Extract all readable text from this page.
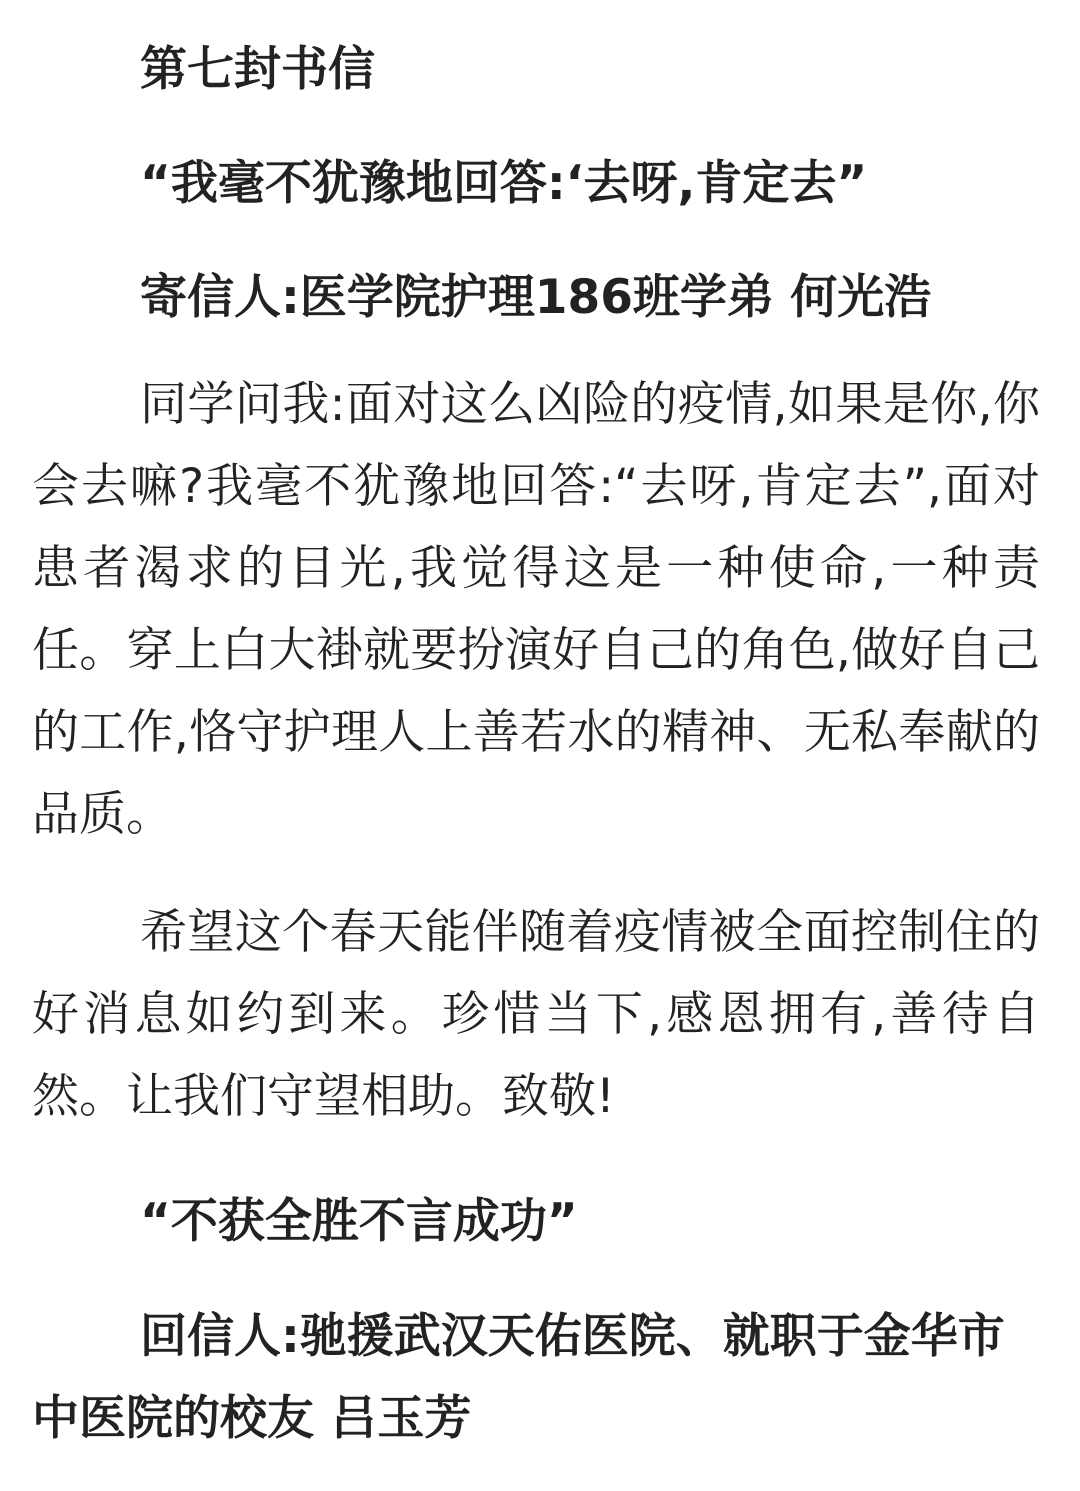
第七封书信

“我毫不犹豫地回答:‘去呀,肯定去”

寄信人:医学院护理186班学弟 何光浩

同学问我:面对这么凶险的疫情,如果是你,你会去嘛?我毫不犹豫地回答:“去呀,肯定去”,面对患者渴求的目光,我觉得这是一种使命,一种责任。穿上白大褂就要扮演好自己的角色,做好自己的工作,恪守护理人上善若水的精神、无私奉献的品质。

希望这个春天能伴随着疫情被全面控制住的好消息如约到来。珍惜当下,感恩拥有,善待自然。让我们守望相助。致敬!

“不获全胜不言成功”

回信人:驰援武汉天佑医院、就职于金华市中医院的校友 吕玉芳
